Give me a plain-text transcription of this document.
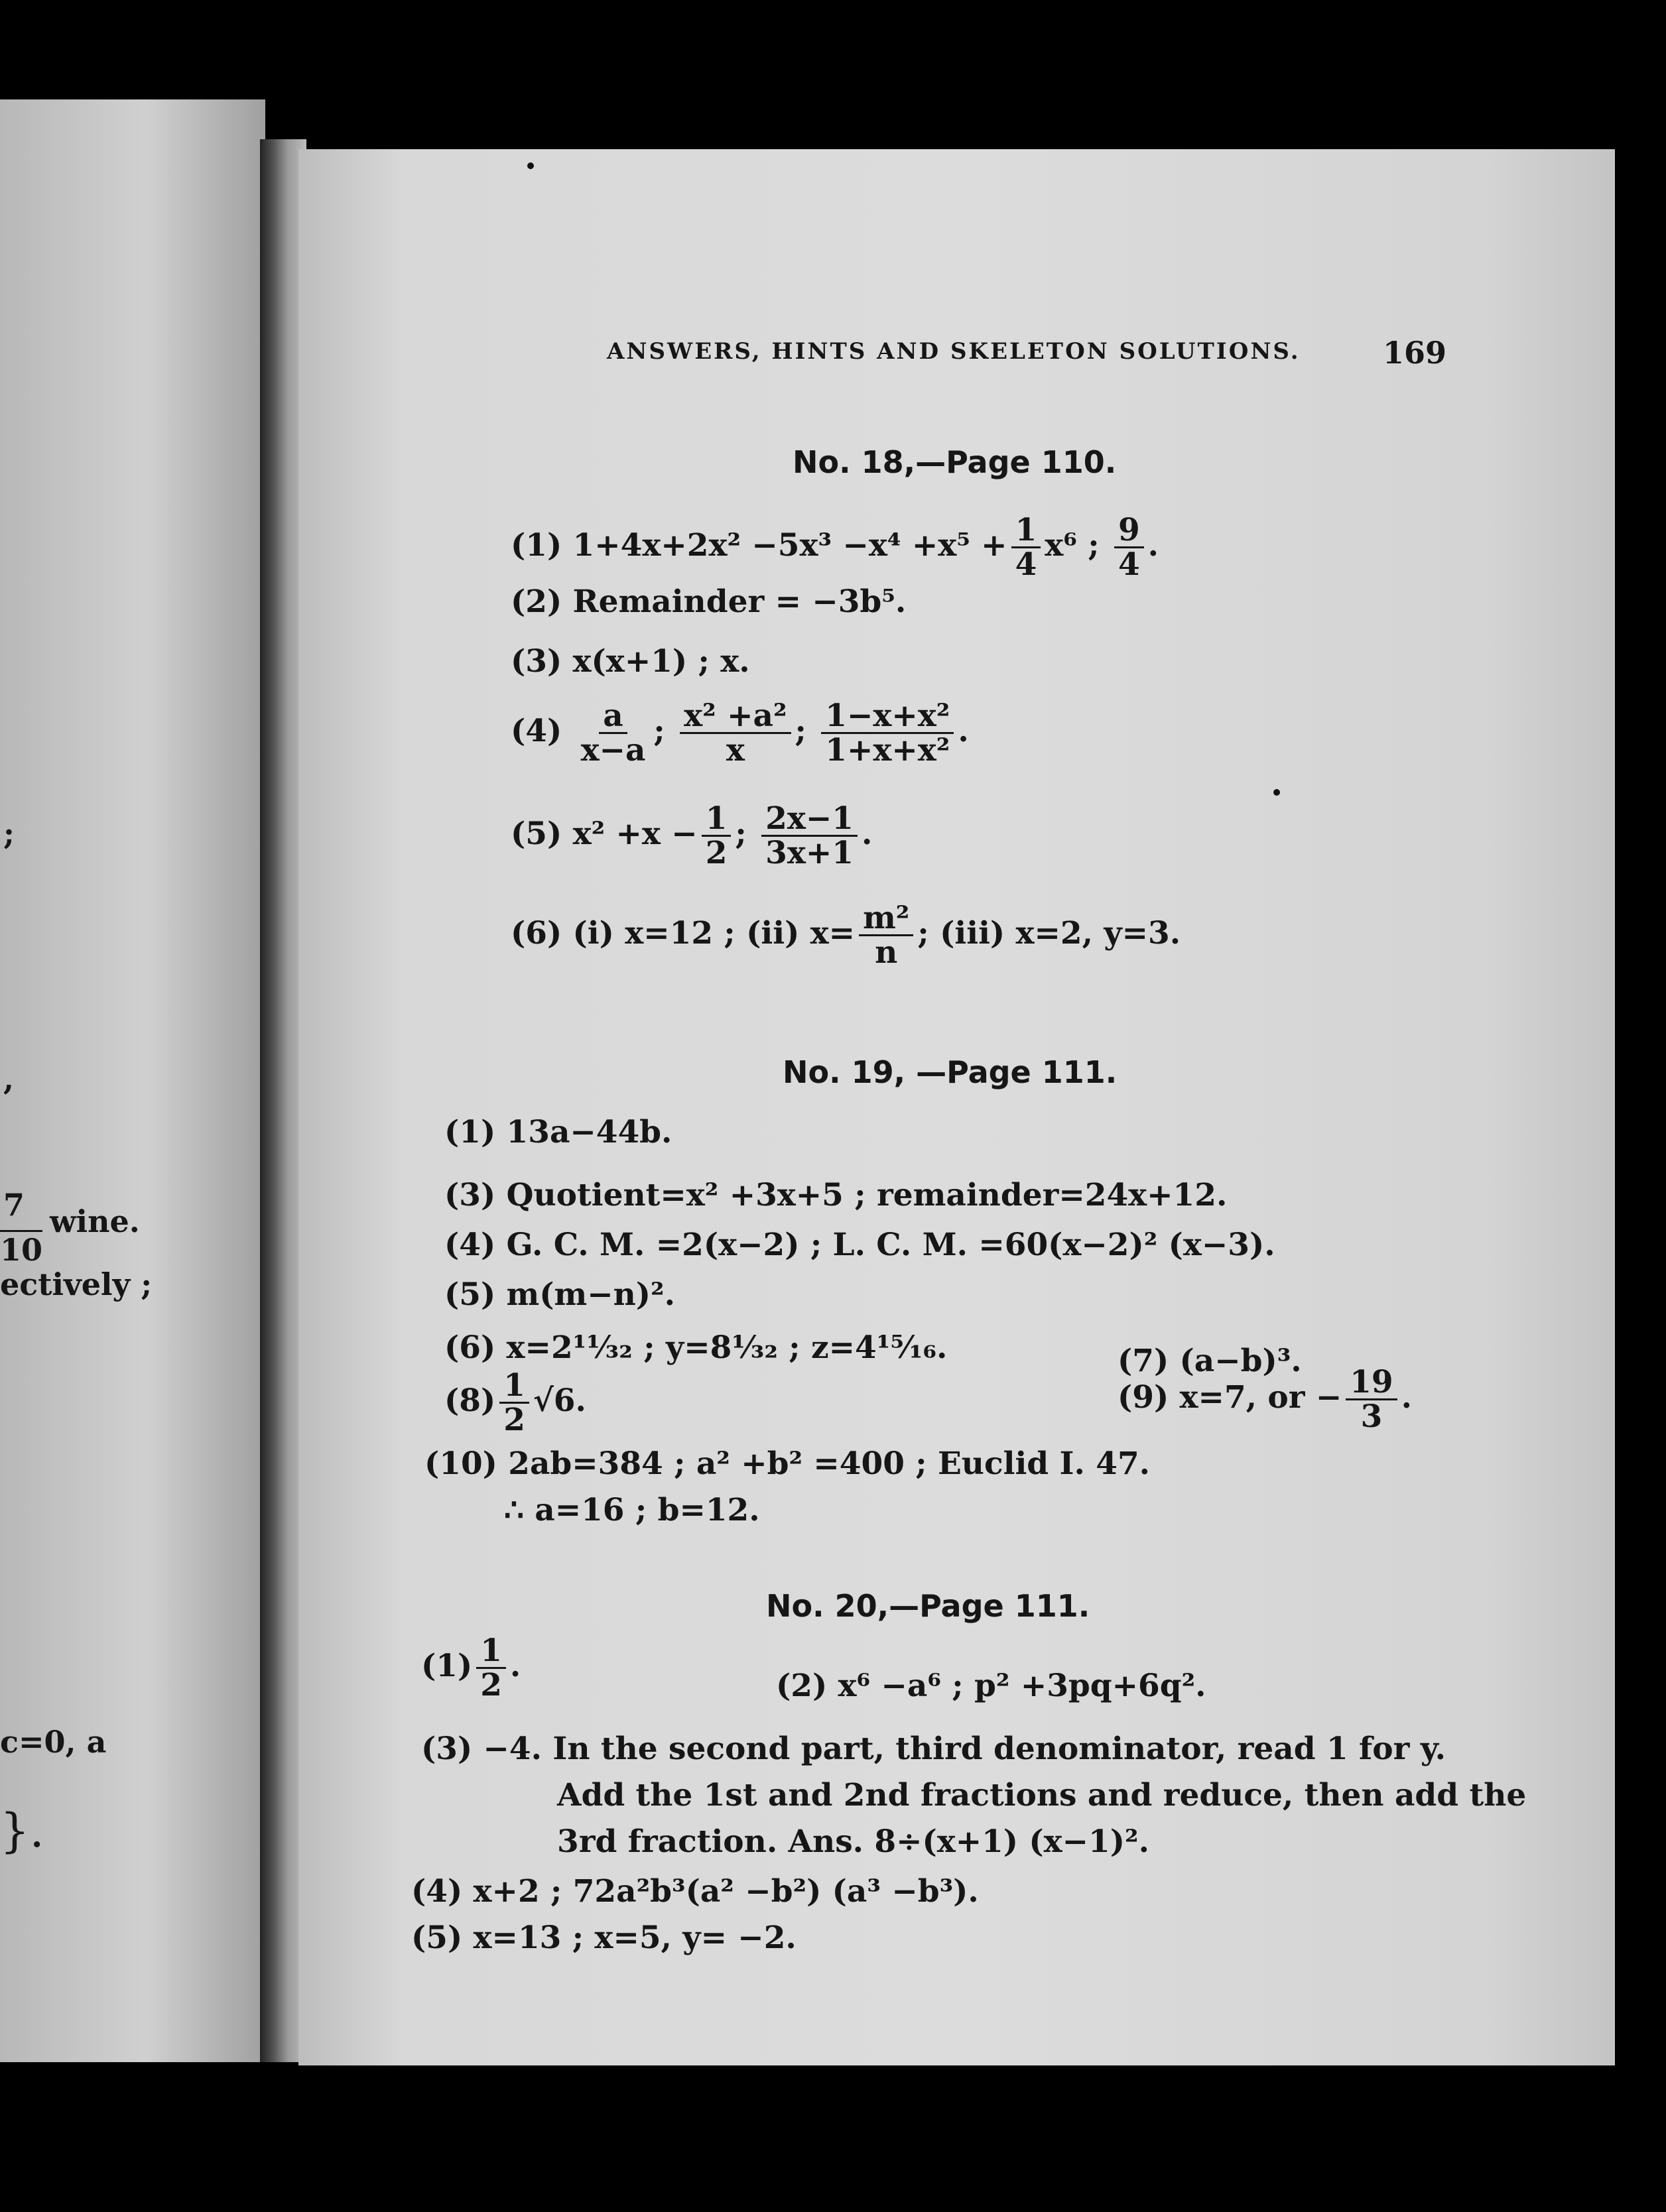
;
,
7
10
wine.
ectively ;
c=0, a
}.
ANSWERS, HINTS AND SKELETON SOLUTIONS.	169
No. 18,—Page 110.
(1) $1+4x+2x^2 -5x^3 -x^4 +x^5 + \frac{1}{4} x^6$ ; $\frac{9}{4}$ .
(2) Remainder = −3b⁵.
(3) x(x+1) ; x.
$(4) \frac{a}{x-a}$ ; $\frac{\text{x² +a²}}{x}$ ; $\frac{\text{1−x+x²}}{\text{1+x+x²}}$ .
(5) $x^2 +x - \frac{1}{2}$ ; $\frac{2x-1}{3x+1}$ .
(6) (i) x=12 ; (ii) $x= \frac{\text{m²}}{n}$ ; (iii) x=2, y=3.
No. 19, —Page 111.
(1) 13a−44b.
(3) Quotient=x² +3x+5 ; remainder=24x+12.
(4) G. C. M. =2(x−2) ; L. C. M. =60(x−2)² (x−3).
(5) m(m−n)².
(6) x=2¹¹⁄₃₂ ; y=8¹⁄₃₂ ; z=4¹⁵⁄₁₆.	(7) (a−b)³.
$(8) \frac{1}{2} √6$.	(9) x=7, or − $\frac{19}{3}$ .
(10) 2ab=384 ; a² +b² =400 ; Euclid I. 47.
∴ a=16 ; b=12.
No. 20,—Page 111.
$(1) \frac{1}{2}$ .
(2) x⁶ −a⁶ ; p² +3pq+6q².
(3) −4. In the second part, third denominator, read 1 for y.
Add the 1st and 2nd fractions and reduce, then add the
3rd fraction. Ans. 8÷(x+1) (x−1)².
(4) x+2 ; 72a²b³(a² −b²) (a³ −b³).
(5) x=13 ; x=5, y= −2.
